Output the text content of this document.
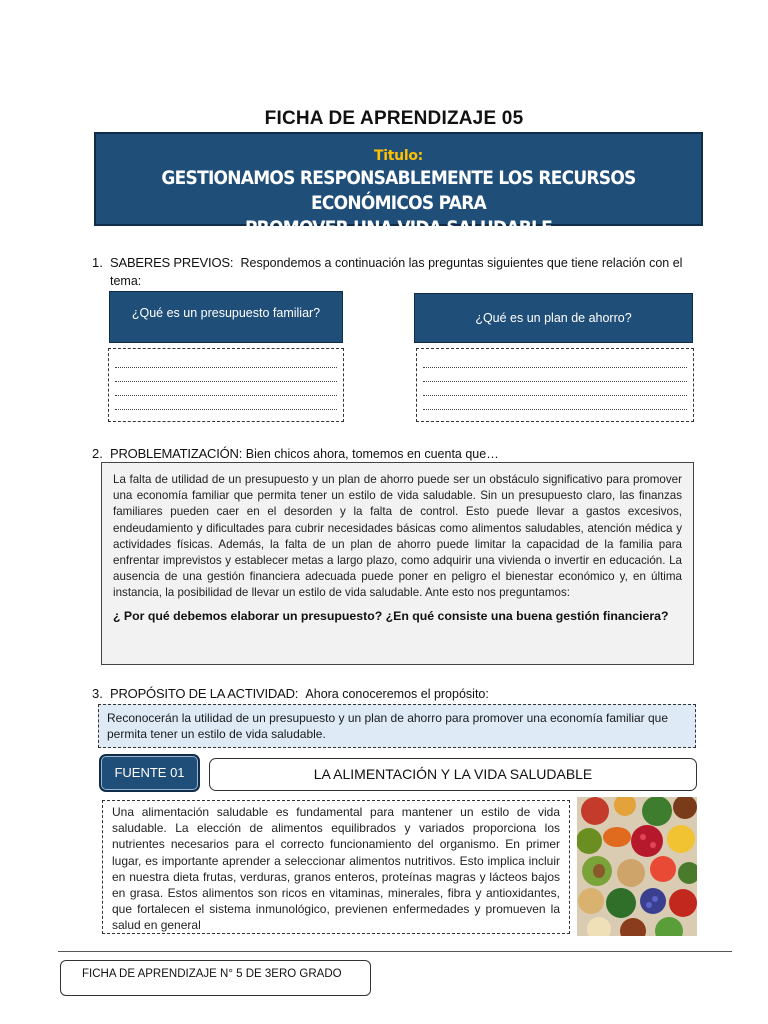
FICHA DE APRENDIZAJE 05
Titulo:
GESTIONAMOS RESPONSABLEMENTE LOS RECURSOS ECONÓMICOS PARA
PROMOVER UNA VIDA SALUDABLE
1. SABERES PREVIOS: Respondemos a continuación las preguntas siguientes que tiene relación con el
tema:
¿Qué es un presupuesto familiar?	¿Qué es un plan de ahorro?
2. PROBLEMATIZACIÓN: Bien chicos ahora, tomemos en cuenta que…
La falta de utilidad de un presupuesto y un plan de ahorro puede ser un obstáculo significativo para promover una economía familiar que permita tener un estilo de vida saludable. Sin un presupuesto claro, las finanzas familiares pueden caer en el desorden y la falta de control. Esto puede llevar a gastos excesivos, endeudamiento y dificultades para cubrir necesidades básicas como alimentos saludables, atención médica y actividades físicas. Además, la falta de un plan de ahorro puede limitar la capacidad de la familia para enfrentar imprevistos y establecer metas a largo plazo, como adquirir una vivienda o invertir en educación. La ausencia de una gestión financiera adecuada puede poner en peligro el bienestar económico y, en última instancia, la posibilidad de llevar un estilo de vida saludable. Ante esto nos preguntamos:
¿ Por qué debemos elaborar un presupuesto? ¿En qué consiste una buena gestión financiera?
3. PROPÓSITO DE LA ACTIVIDAD: Ahora conoceremos el propósito:
Reconocerán la utilidad de un presupuesto y un plan de ahorro para promover una economía familiar que permita tener un estilo de vida saludable.
FUENTE 01	LA ALIMENTACIÓN Y LA VIDA SALUDABLE
Una alimentación saludable es fundamental para mantener un estilo de vida saludable. La elección de alimentos equilibrados y variados proporciona los nutrientes necesarios para el correcto funcionamiento del organismo. En primer lugar, es importante aprender a seleccionar alimentos nutritivos. Esto implica incluir en nuestra dieta frutas, verduras, granos enteros, proteínas magras y lácteos bajos en grasa. Estos alimentos son ricos en vitaminas, minerales, fibra y antioxidantes, que fortalecen el sistema inmunológico, previenen enfermedades y promueven la salud en general
FICHA DE APRENDIZAJE N° 5 DE 3ERO GRADO
